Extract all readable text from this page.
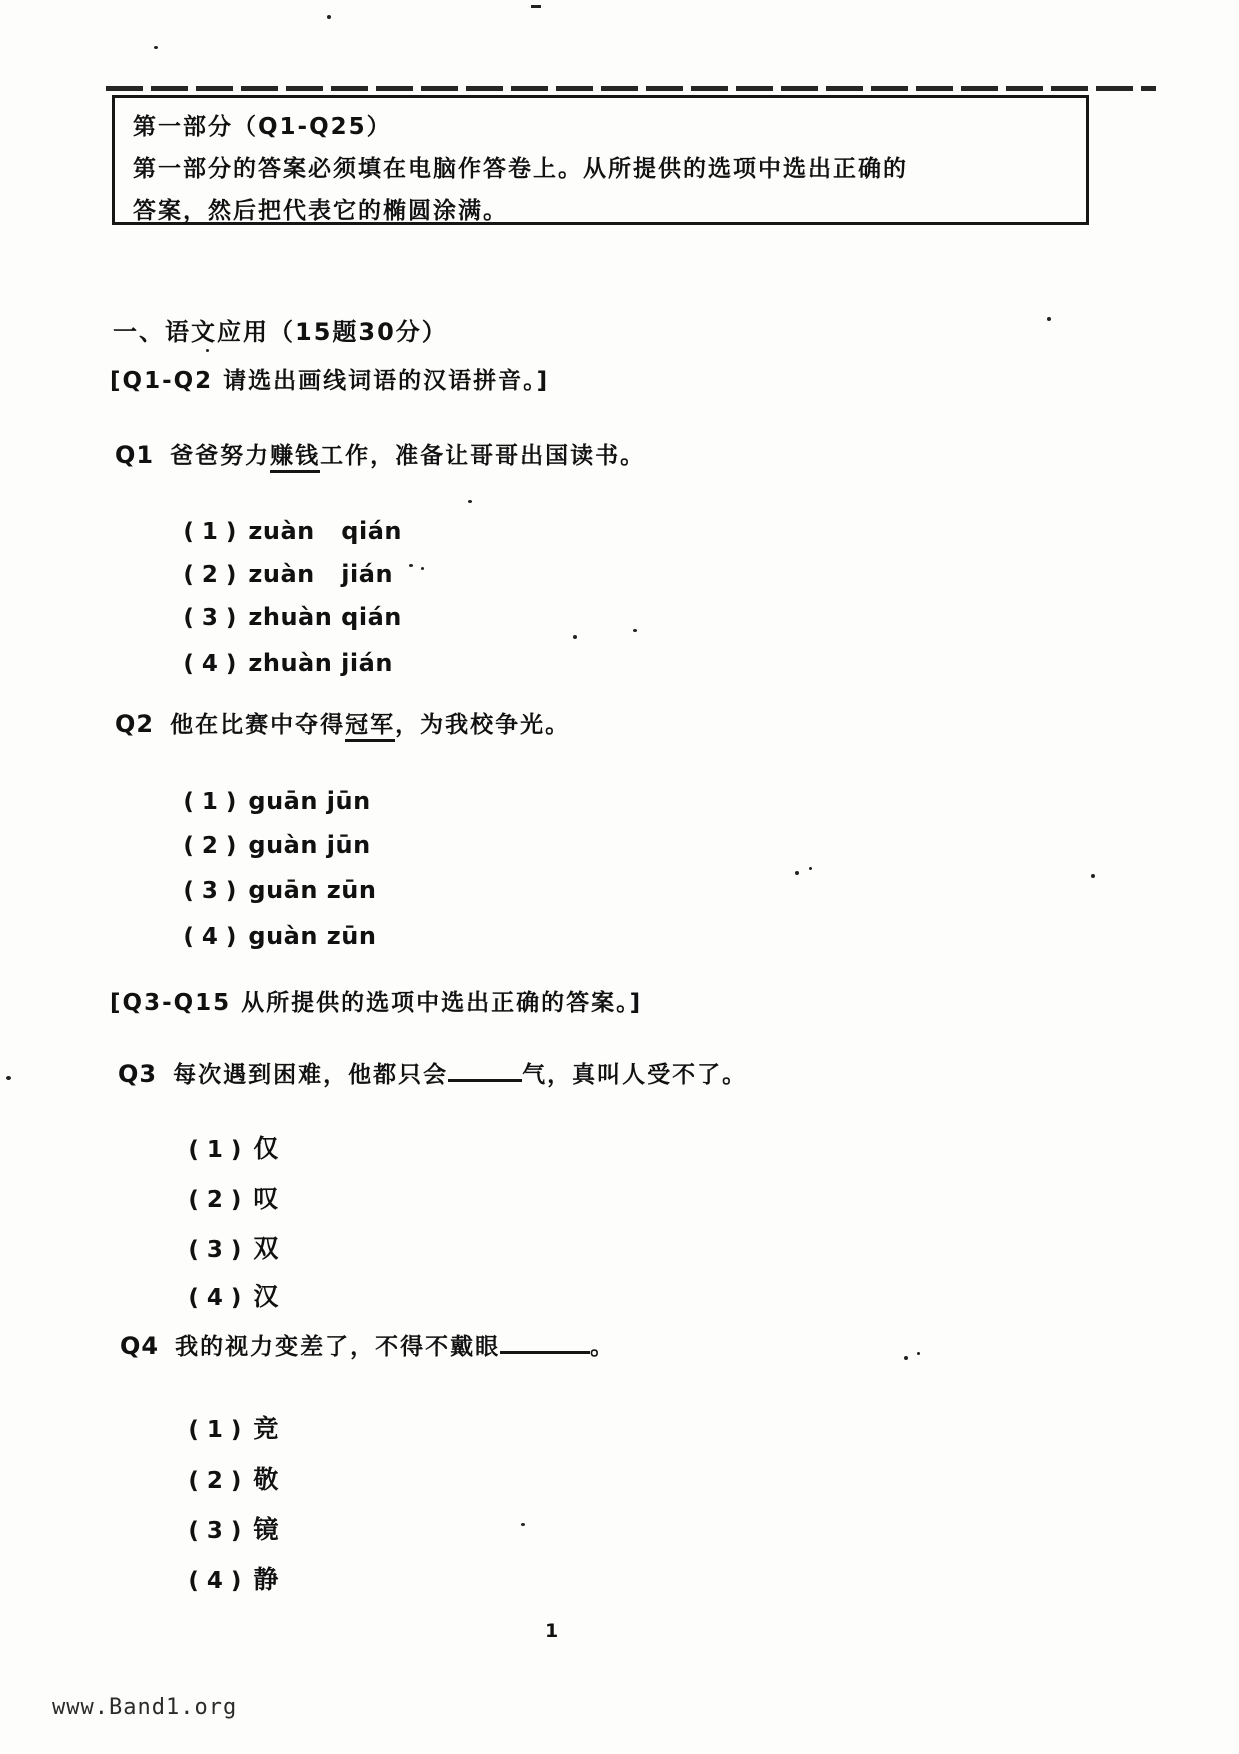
第一部分（Q1-Q25）
第一部分的答案必须填在电脑作答卷上。从所提供的选项中选出正确的
答案，然后把代表它的椭圆涂满。
一、语文应用（15题30分）
[Q1-Q2 请选出画线词语的汉语拼音。]
Q1 爸爸努力赚钱工作，准备让哥哥出国读书。

( 1 ) zuàn   qián

( 2 ) zuàn   jián

( 3 ) zhuàn qián

( 4 ) zhuàn jián

Q2 他在比赛中夺得冠军，为我校争光。

( 1 ) guān jūn

( 2 ) guàn jūn

( 3 ) guān zūn

( 4 ) guàn zūn

[Q3-Q15 从所提供的选项中选出正确的答案。]
Q3 每次遇到困难，他都只会	气，真叫人受不了。

( 1 ) 仅

( 2 ) 叹

( 3 ) 双

( 4 ) 汉

Q4 我的视力变差了，不得不戴眼	。

( 1 ) 竞

( 2 ) 敬

( 3 ) 镜

( 4 ) 静

1
www.Band1.org
